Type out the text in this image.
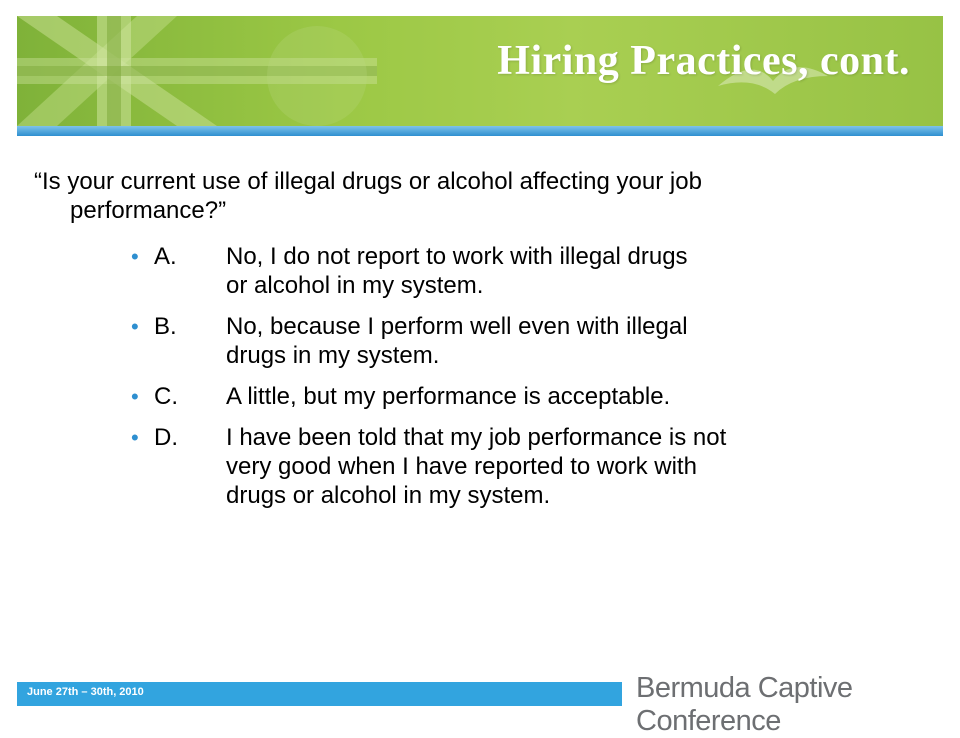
Hiring Practices, cont.
“Is your current use of illegal drugs or alcohol affecting your job
performance?”
• A.	No, I do not report to work with illegal drugs
or alcohol in my system.
• B.	No, because I perform well even with illegal
drugs in my system.
• C.	A little, but my performance is acceptable.
• D.	I have been told that my job performance is not
very good when I have reported to work with
drugs or alcohol in my system.
June 27th – 30th, 2010	Bermuda Captive Conference
